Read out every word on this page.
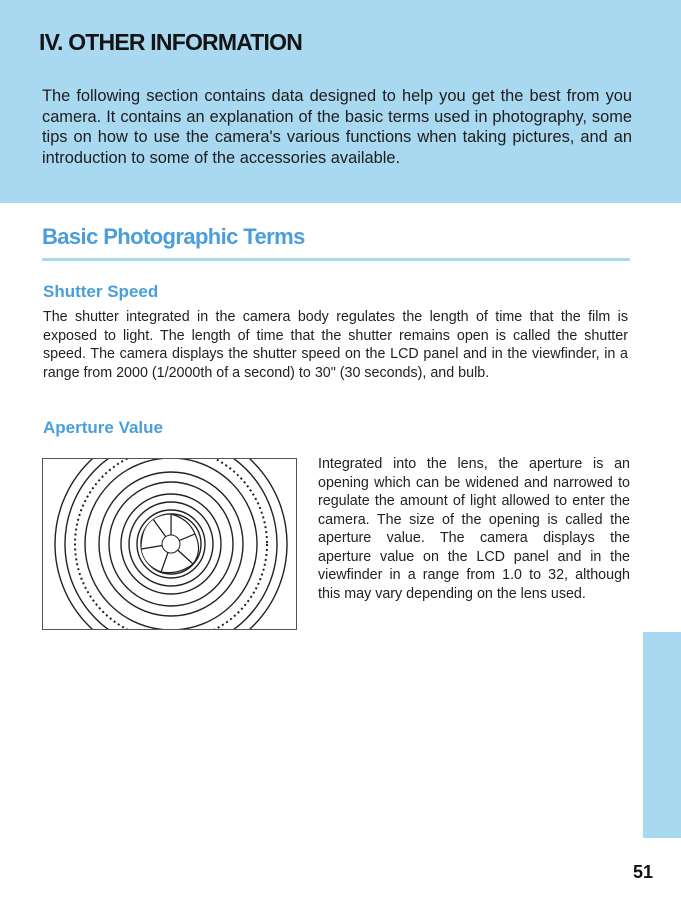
IV. OTHER INFORMATION

The following section contains data designed to help you get the best from you camera. It contains an explanation of the basic terms used in photography, some tips on how to use the camera's various functions when taking pictures, and an introduction to some of the accessories available.

Basic Photographic Terms
Shutter Speed

The shutter integrated in the camera body regulates the length of time that the film is exposed to light. The length of time that the shutter remains open is called the shutter speed. The camera displays the shutter speed on the LCD panel and in the viewfinder, in a range from 2000 (1/2000th of a second) to 30" (30 seconds), and bulb.

Aperture Value

Integrated into the lens, the aperture is an opening which can be widened and narrowed to regulate the amount of light allowed to enter the camera. The size of the opening is called the aperture value. The camera displays the aperture value on the LCD panel and in the viewfinder in a range from 1.0 to 32, although this may vary depending on the lens used.

51
